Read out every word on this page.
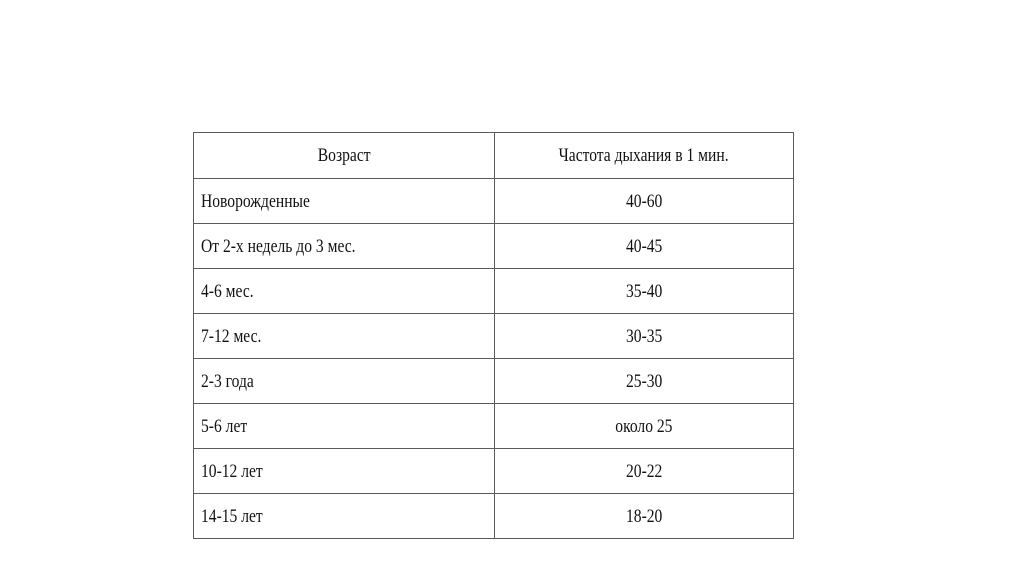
Возраст	Частота дыхания в 1 мин.
Новорожденные	40-60
От 2-х недель до 3 мес.	40-45
4-6 мес.	35-40
7-12 мес.	30-35
2-3 года	25-30
5-6 лет	около 25
10-12 лет	20-22
14-15 лет	18-20
